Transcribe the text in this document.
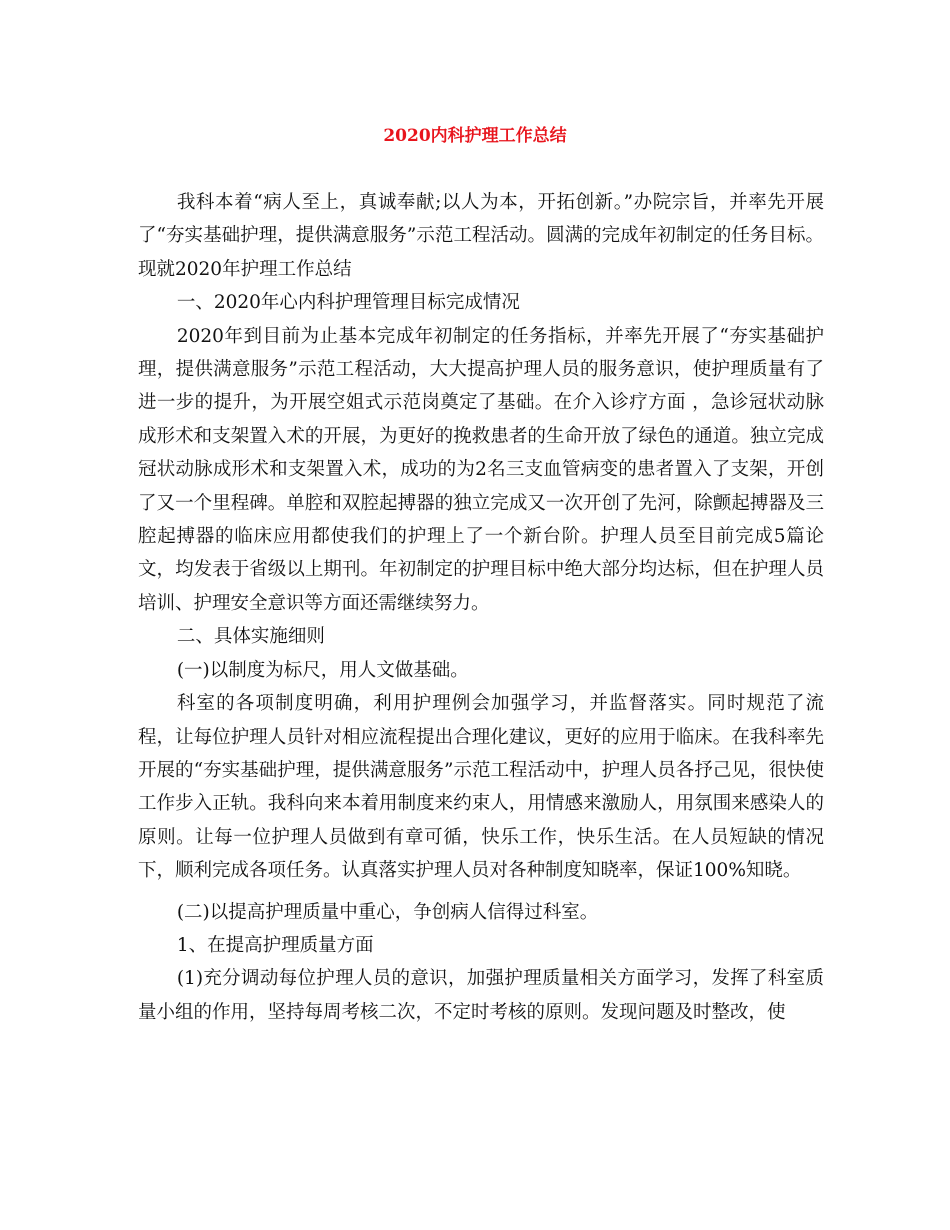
2020内科护理工作总结

我科本着“病人至上，真诚奉献;以人为本，开拓创新。”办院宗旨，并率先开展了“夯实基础护理，提供满意服务”示范工程活动。圆满的完成年初制定的任务目标。现就2020年护理工作总结

一、2020年心内科护理管理目标完成情况

2020年到目前为止基本完成年初制定的任务指标，并率先开展了“夯实基础护理，提供满意服务”示范工程活动，大大提高护理人员的服务意识，使护理质量有了进一步的提升，为开展空姐式示范岗奠定了基础。在介入诊疗方面 ，急诊冠状动脉成形术和支架置入术的开展，为更好的挽救患者的生命开放了绿色的通道。独立完成冠状动脉成形术和支架置入术，成功的为2名三支血管病变的患者置入了支架，开创了又一个里程碑。单腔和双腔起搏器的独立完成又一次开创了先河，除颤起搏器及三腔起搏器的临床应用都使我们的护理上了一个新台阶。护理人员至目前完成5篇论文，均发表于省级以上期刊。年初制定的护理目标中绝大部分均达标，但在护理人员培训、护理安全意识等方面还需继续努力。

二、具体实施细则

(一)以制度为标尺，用人文做基础。

科室的各项制度明确，利用护理例会加强学习，并监督落实。同时规范了流程，让每位护理人员针对相应流程提出合理化建议，更好的应用于临床。在我科率先开展的“夯实基础护理，提供满意服务”示范工程活动中，护理人员各抒己见，很快使工作步入正轨。我科向来本着用制度来约束人，用情感来激励人，用氛围来感染人的原则。让每一位护理人员做到有章可循，快乐工作，快乐生活。在人员短缺的情况下，顺利完成各项任务。认真落实护理人员对各种制度知晓率，保证100%知晓。

(二)以提高护理质量中重心，争创病人信得过科室。

1、在提高护理质量方面

(1)充分调动每位护理人员的意识，加强护理质量相关方面学习，发挥了科室质量小组的作用，坚持每周考核二次，不定时考核的原则。发现问题及时整改，使
